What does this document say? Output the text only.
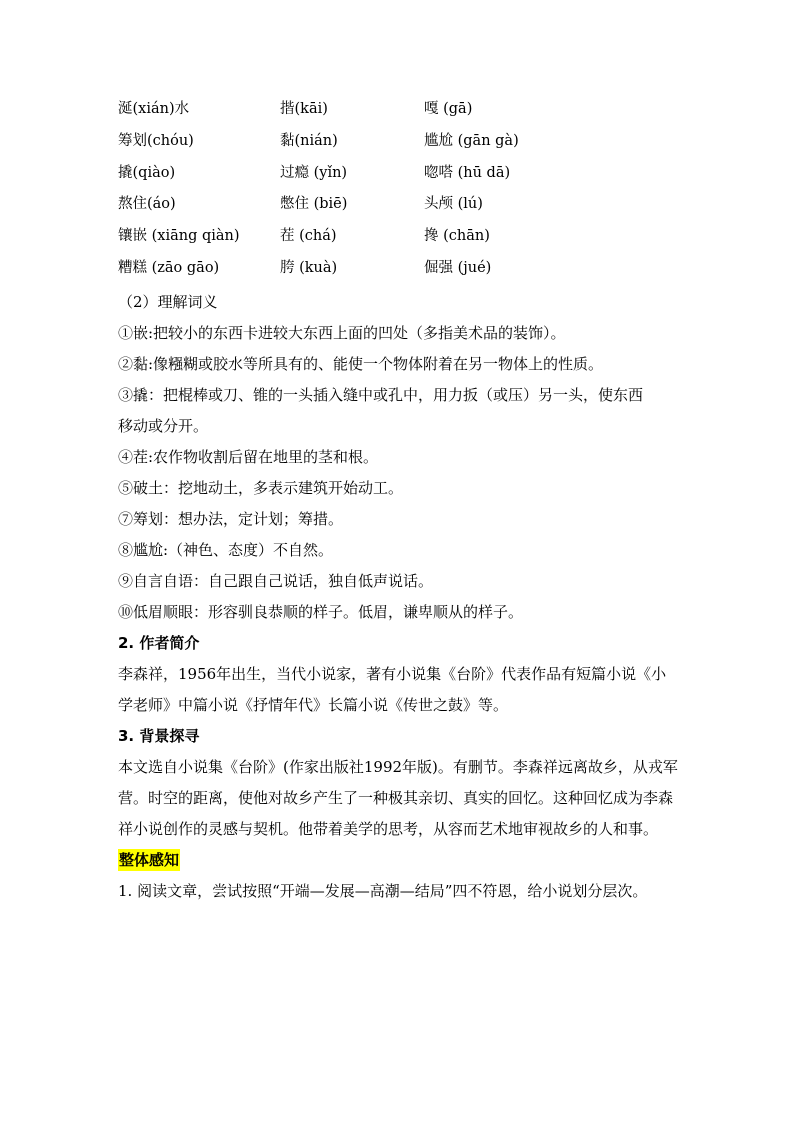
涎(xián)水	揩(kāi)	嘎 (gā)
筹划(chóu)	黏(nián)	尴尬 (gān gà)
撬(qiào)	过瘾 (yǐn)	唿嗒 (hū dā)
熬住(áo)	憋住 (biē)	头颅 (lú)
镶嵌 (xiāng qiàn)	茬 (chá)	搀 (chān)
糟糕 (zāo gāo)	胯 (kuà)	倔强 (jué)
（2）理解词义
①嵌:把较小的东西卡进较大东西上面的凹处（多指美术品的装饰）。
②黏:像糨糊或胶水等所具有的、能使一个物体附着在另一物体上的性质。
③撬：把棍棒或刀、锥的一头插入缝中或孔中，用力扳（或压）另一头，使东西
移动或分开。
④茬:农作物收割后留在地里的茎和根。
⑤破土：挖地动土，多表示建筑开始动工。
⑦筹划：想办法，定计划；筹措。
⑧尴尬:（神色、态度）不自然。
⑨自言自语：自己跟自己说话，独自低声说话。
⑩低眉顺眼：形容驯良恭顺的样子。低眉，谦卑顺从的样子。
2. 作者简介
李森祥，1956年出生，当代小说家，著有小说集《台阶》代表作品有短篇小说《小学老师》中篇小说《抒情年代》长篇小说《传世之鼓》等。
3. 背景探寻
本文选自小说集《台阶》(作家出版社1992年版)。有删节。李森祥远离故乡，从戎军营。时空的距离，使他对故乡产生了一种极其亲切、真实的回忆。这种回忆成为李森祥小说创作的灵感与契机。他带着美学的思考，从容而艺术地审视故乡的人和事。
整体感知
1. 阅读文章，尝试按照“开端—发展—高潮—结局”四不符恩，给小说划分层次。
